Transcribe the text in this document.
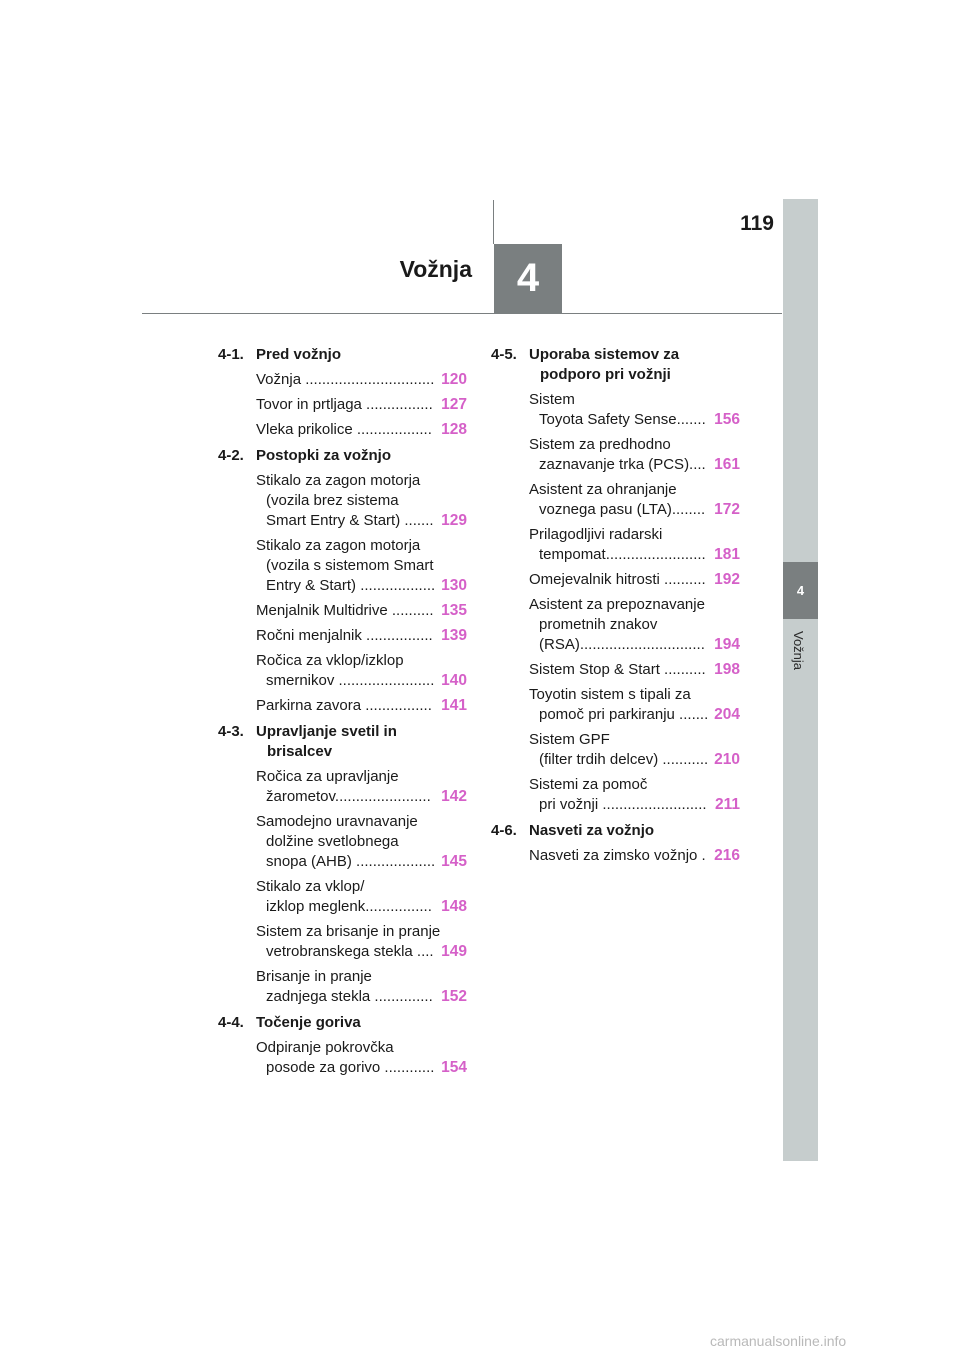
4
Vožnja
119
Vožnja	4
4-1. Pred vožnjo
Vožnja ............................... 120
Tovor in prtljaga ................ 127
Vleka prikolice .................. 128
4-2. Postopki za vožnjo
Stikalo za zagon motorja
(vozila brez sistema
Smart Entry & Start) ....... 129
Stikalo za zagon motorja
(vozila s sistemom Smart
Entry & Start) .................. 130
Menjalnik Multidrive .......... 135
Ročni menjalnik ................ 139
Ročica za vklop/izklop
smernikov ....................... 140
Parkirna zavora ................ 141
4-3. Upravljanje svetil in
brisalcev
Ročica za upravljanje
žarometov....................... 142
Samodejno uravnavanje
dolžine svetlobnega
snopa (AHB) ................... 145
Stikalo za vklop/
izklop meglenk................ 148
Sistem za brisanje in pranje
vetrobranskega stekla .... 149
Brisanje in pranje
zadnjega stekla .............. 152
4-4. Točenje goriva
Odpiranje pokrovčka
posode za gorivo ............ 154
4-5. Uporaba sistemov za
podporo pri vožnji
Sistem
Toyota Safety Sense....... 156
Sistem za predhodno
zaznavanje trka (PCS).... 161
Asistent za ohranjanje
voznega pasu (LTA)........ 172
Prilagodljivi radarski
tempomat........................ 181
Omejevalnik hitrosti .......... 192
Asistent za prepoznavanje
prometnih znakov
(RSA).............................. 194
Sistem Stop & Start .......... 198
Toyotin sistem s tipali za
pomoč pri parkiranju ....... 204
Sistem GPF
(filter trdih delcev) ........... 210
Sistemi za pomoč
pri vožnji ......................... 211
4-6. Nasveti za vožnjo
Nasveti za zimsko vožnjo . 216
carmanualsonline.info
